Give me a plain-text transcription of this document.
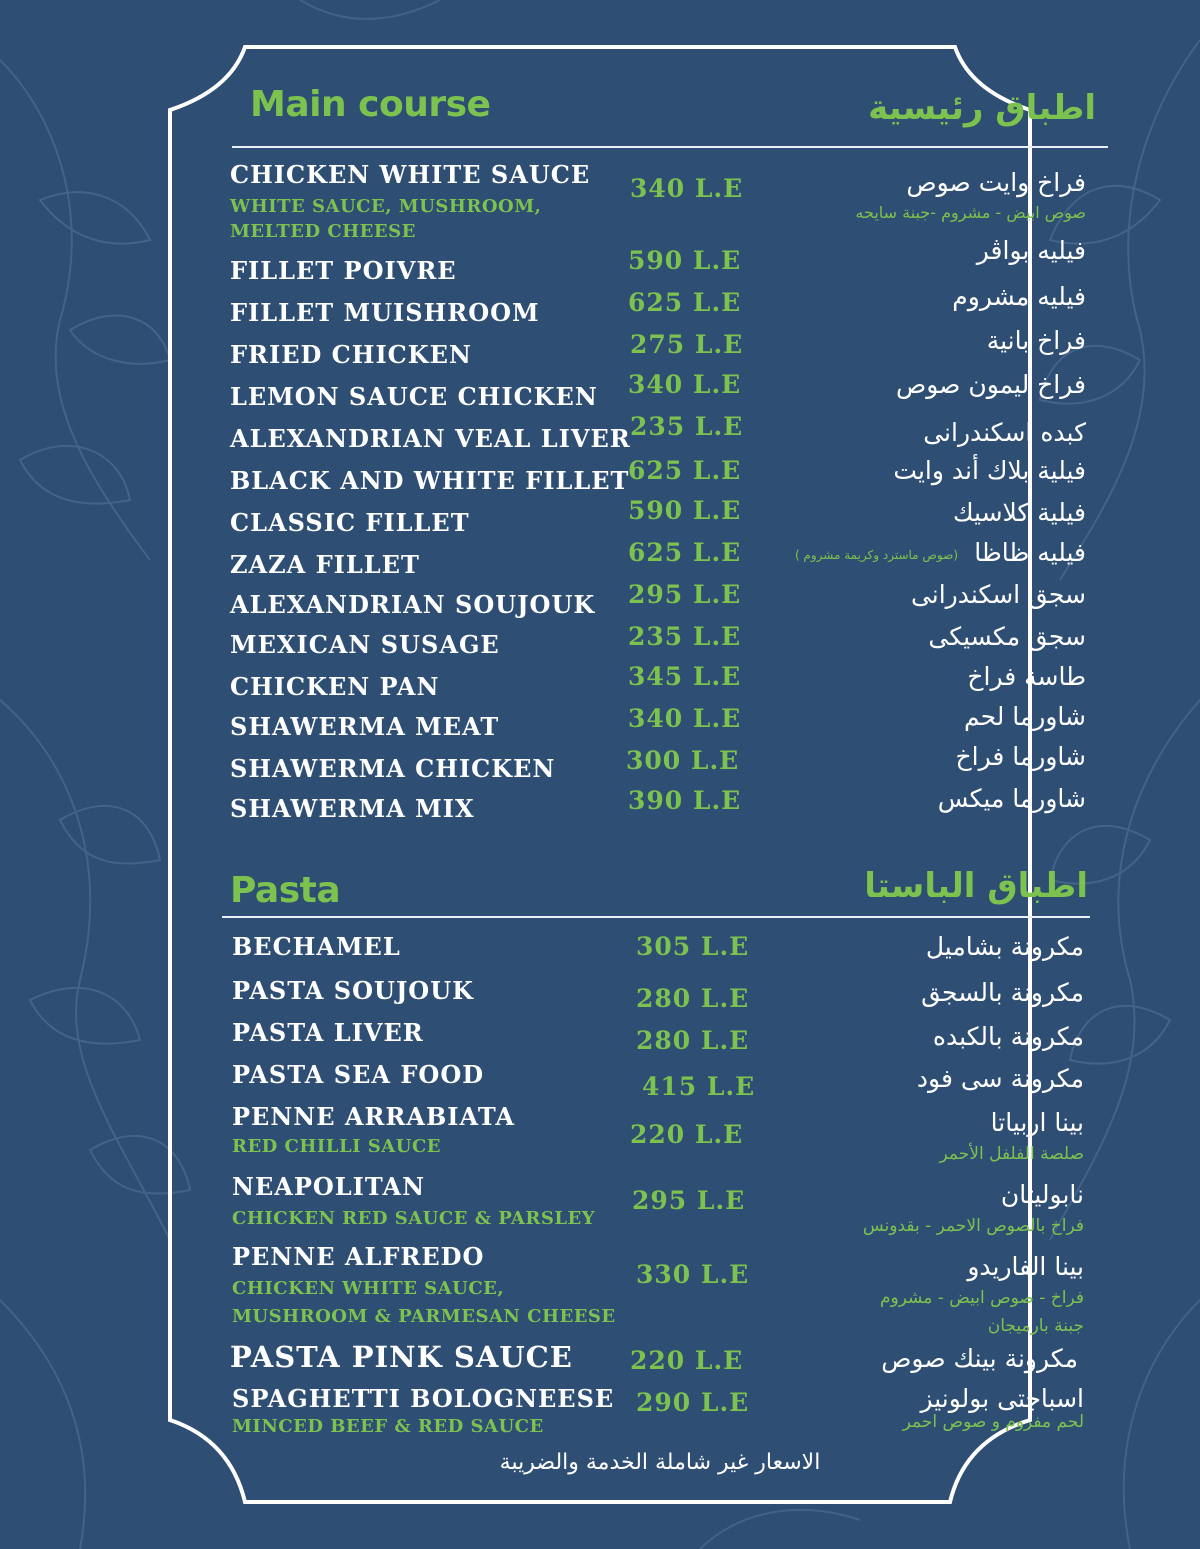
Main course	اطباق رئيسية
CHICKEN WHITE SAUCE
WHITE SAUCE, MUSHROOM,
MELTED CHEESE
340 L.E	فراخ وايت صوص
صوص ابيض - مشروم -جبنة سايحه
FILLET POIVRE	590 L.E	فيليه بواڤر
FILLET MUISHROOM	625 L.E	فيليه مشروم
FRIED CHICKEN	275 L.E	فراخ بانية
LEMON SAUCE CHICKEN 340 L.E	فراخ ليمون صوص
ALEXANDRIAN VEAL LIVER 235 L.E	كبده اسكندرانى
BLACK AND WHITE FILLET
625 L.E	فيلية بلاك أند وايت
CLASSIC FILLET	590 L.E	فيلية كلاسيك
ZAZA FILLET	625 L.E	فيليه ظاظا
(صوص ماسترد وكريمة مشروم )
ALEXANDRIAN SOUJOUK 295 L.E	سجق اسكندرانى
MEXICAN SUSAGE	235 L.E	سجق مكسيكى
CHICKEN PAN	345 L.E	طاسة فراخ
SHAWERMA MEAT	340 L.E	شاورما لحم
SHAWERMA CHICKEN	300 L.E	شاورما فراخ
SHAWERMA MIX	390 L.E	شاورما ميكس
Pasta	اطباق الباستا
BECHAMEL	305 L.E	مكرونة بشاميل
PASTA SOUJOUK	280 L.E	مكرونة بالسجق
PASTA LIVER	280 L.E	مكرونة بالكبده
PASTA SEA FOOD	415 L.E	مكرونة سى فود
PENNE ARRABIATA
RED CHILLI SAUCE	220 L.E	بينا اربياتا
صلصة الفلفل الأحمر
NEAPOLITAN
CHICKEN RED SAUCE & PARSLEY
295 L.E	نابوليتان
فراخ بالصوص الاحمر - بقدونس
PENNE ALFREDO
CHICKEN WHITE SAUCE,
MUSHROOM & PARMESAN CHEESE
330 L.E	بينا الفاريدو
فراخ - صوص ابيض - مشروم
جبنة بارميجان
PASTA PINK SAUCE 220 L.E	مكرونة بينك صوص
SPAGHETTI BOLOGNEESE
MINCED BEEF & RED SAUCE
290 L.E	اسباجتى بولونيز
لحم مفروم و صوص احمر
الاسعار غير شاملة الخدمة والضريبة
